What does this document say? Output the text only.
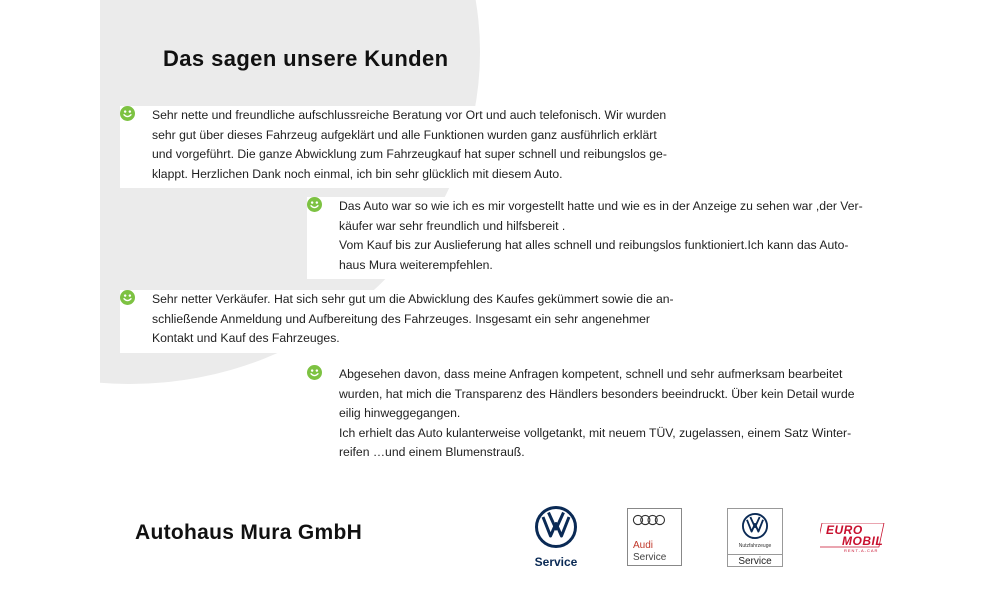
Das sagen unsere Kunden
Sehr nette und freundliche aufschlussreiche Beratung vor Ort und auch telefonisch. Wir wurden
sehr gut über dieses Fahrzeug aufgeklärt und alle Funktionen wurden ganz ausführlich erklärt
und vorgeführt. Die ganze Abwicklung zum Fahrzeugkauf hat super schnell und reibungslos ge-
klappt. Herzlichen Dank noch einmal, ich bin sehr glücklich mit diesem Auto.
Das Auto war so wie ich es mir vorgestellt hatte und wie es in der Anzeige zu sehen war ,der Ver-
käufer war sehr freundlich und hilfsbereit .
Vom Kauf bis zur Auslieferung hat alles schnell und reibungslos funktioniert.Ich kann das Auto-
haus Mura weiterempfehlen.
Sehr netter Verkäufer. Hat sich sehr gut um die Abwicklung des Kaufes gekümmert sowie die an-
schließende Anmeldung und Aufbereitung des Fahrzeuges. Insgesamt ein sehr angenehmer
Kontakt und Kauf des Fahrzeuges.
Abgesehen davon, dass meine Anfragen kompetent, schnell und sehr aufmerksam bearbeitet
wurden, hat mich die Transparenz des Händlers besonders beeindruckt. Über kein Detail wurde
eilig hinweggegangen.
Ich erhielt das Auto kulanterweise vollgetankt, mit neuem TÜV, zugelassen, einem Satz Winter-
reifen …und einem Blumenstrauß.
Autohaus Mura GmbH
Service
Audi
Service
Nutzfahrzeuge
Service
EURO
MOBIL
RENT-A-CAR
